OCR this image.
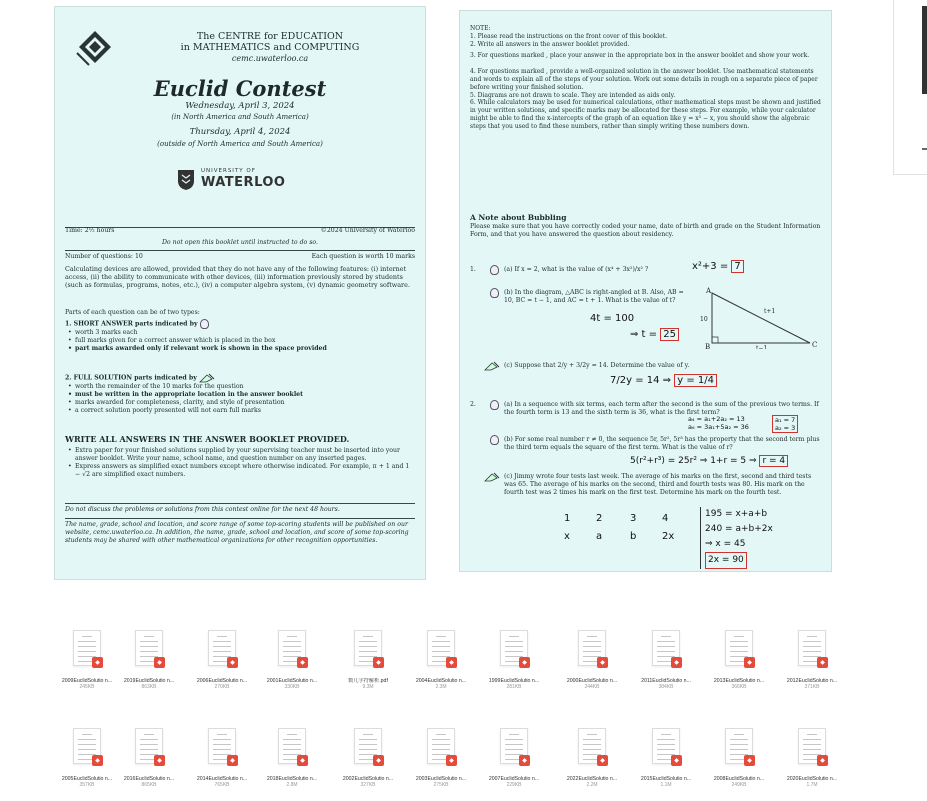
The CENTRE for EDUCATION
in MATHEMATICS and COMPUTING
cemc.uwaterloo.ca
Euclid Contest
Wednesday, April 3, 2024
(in North America and South America)
Thursday, April 4, 2024
(outside of North America and South America)
UNIVERSITY OF
WATERLOO
Time: 2½ hours	©2024 University of Waterloo
Do not open this booklet until instructed to do so.
Number of questions: 10	Each question is worth 10 marks
Calculating devices are allowed, provided that they do not have any of the following features: (i) internet access, (ii) the ability to communicate with other devices, (iii) information previously stored by students (such as formulas, programs, notes, etc.), (iv) a computer algebra system, (v) dynamic geometry software.
Parts of each question can be of two types:
1. SHORT ANSWER parts indicated by
• worth 3 marks each
• full marks given for a correct answer which is placed in the box
• part marks awarded only if relevant work is shown in the space provided
2. FULL SOLUTION parts indicated by
• worth the remainder of the 10 marks for the question
• must be written in the appropriate location in the answer booklet
• marks awarded for completeness, clarity, and style of presentation
• a correct solution poorly presented will not earn full marks
WRITE ALL ANSWERS IN THE ANSWER BOOKLET PROVIDED.
• Extra paper for your finished solutions supplied by your supervising teacher must be inserted into your answer booklet. Write your name, school name, and question number on any inserted pages.
• Express answers as simplified exact numbers except where otherwise indicated. For example, π + 1 and 1 − √2 are simplified exact numbers.
Do not discuss the problems or solutions from this contest online for the next 48 hours.
The name, grade, school and location, and score range of some top-scoring students will be published on our website, cemc.uwaterloo.ca. In addition, the name, grade, school and location, and score of some top-scoring students may be shared with other mathematical organizations for other recognition opportunities.
NOTE:
1. Please read the instructions on the front cover of this booklet.
2. Write all answers in the answer booklet provided.
3. For questions marked , place your answer in the appropriate box in the answer booklet and show your work.
4. For questions marked , provide a well-organized solution in the answer booklet. Use mathematical statements and words to explain all of the steps of your solution. Work out some details in rough on a separate piece of paper before writing your finished solution.
5. Diagrams are not drawn to scale. They are intended as aids only.
6. While calculators may be used for numerical calculations, other mathematical steps must be shown and justified in your written solutions, and specific marks may be allocated for these steps. For example, while your calculator might be able to find the x-intercepts of the graph of an equation like y = x³ − x, you should show the algebraic steps that you used to find these numbers, rather than simply writing these numbers down.
A Note about Bubbling
Please make sure that you have correctly coded your name, date of birth and grade on the Student Information Form, and that you have answered the question about residency.
1.	(a) If x = 2, what is the value of (x⁴ + 3x²)/x² ?	x²+3 = 7
(b) In the diagram, △ABC is right-angled at B. Also, AB = 10, BC = t − 1, and AC = t + 1. What is the value of t?
4t = 100
⇒ t = 25
A
B	C
10
t+1
t−1
(c) Suppose that 2/y + 3/2y = 14. Determine the value of y.
7/2y = 14 ⇒ y = 1/4
2.	(a) In a sequence with six terms, each term after the second is the sum of the previous two terms. If the fourth term is 13 and the sixth term is 36, what is the first term?
a₄ = a₁+2a₂ = 13
a₆ = 3a₁+5a₂ = 36
a₁ = 7
a₂ = 3
(b) For some real number r ≠ 0, the sequence 5r, 5r², 5r³ has the property that the second term plus the third term equals the square of the first term. What is the value of r?
5(r²+r³) = 25r² ⇒ 1+r = 5 ⇒ r = 4
(c) Jimmy wrote four tests last week. The average of his marks on the first, second and third tests was 65. The average of his marks on the second, third and fourth tests was 80. His mark on the fourth test was 2 times his mark on the first test. Determine his mark on the fourth test.
1	2	3	4
x	a	b	2x
195 = x+a+b
240 = a+b+2x
⇒ x = 45
2x = 90
◆
2009EuclidSolutio n...
245KB
◆
2019EuclidSolutio n...
863KB
◆
2006EuclidSolutio n...
270KB
◆
2001EuclidSolutio n...
330KB
◆
数几字符解析.pdf
9.3M
◆
2004EuclidSolutio n...
2.3M
◆
1999EuclidSolutio n...
281KB
◆
2000EuclidSolutio n...
244KB
◆
2011EuclidSolutio n...
384KB
◆
2013EuclidSolutio n...
366KB
◆
2012EuclidSolutio n...
371KB
◆
2005EuclidSolutio n...
357KB
◆
2016EuclidSolutio n...
865KB
◆
2014EuclidSolutio n...
765KB
◆
2018EuclidSolutio n...
2.8M
◆
2002EuclidSolutio n...
327KB
◆
2003EuclidSolutio n...
275KB
◆
2007EuclidSolutio n...
229KB
◆
2022EuclidSolutio n...
2.2M
◆
2015EuclidSolutio n...
1.1M
◆
2008EuclidSolutio n...
249KB
◆
2020EuclidSolutio n...
1.7M
